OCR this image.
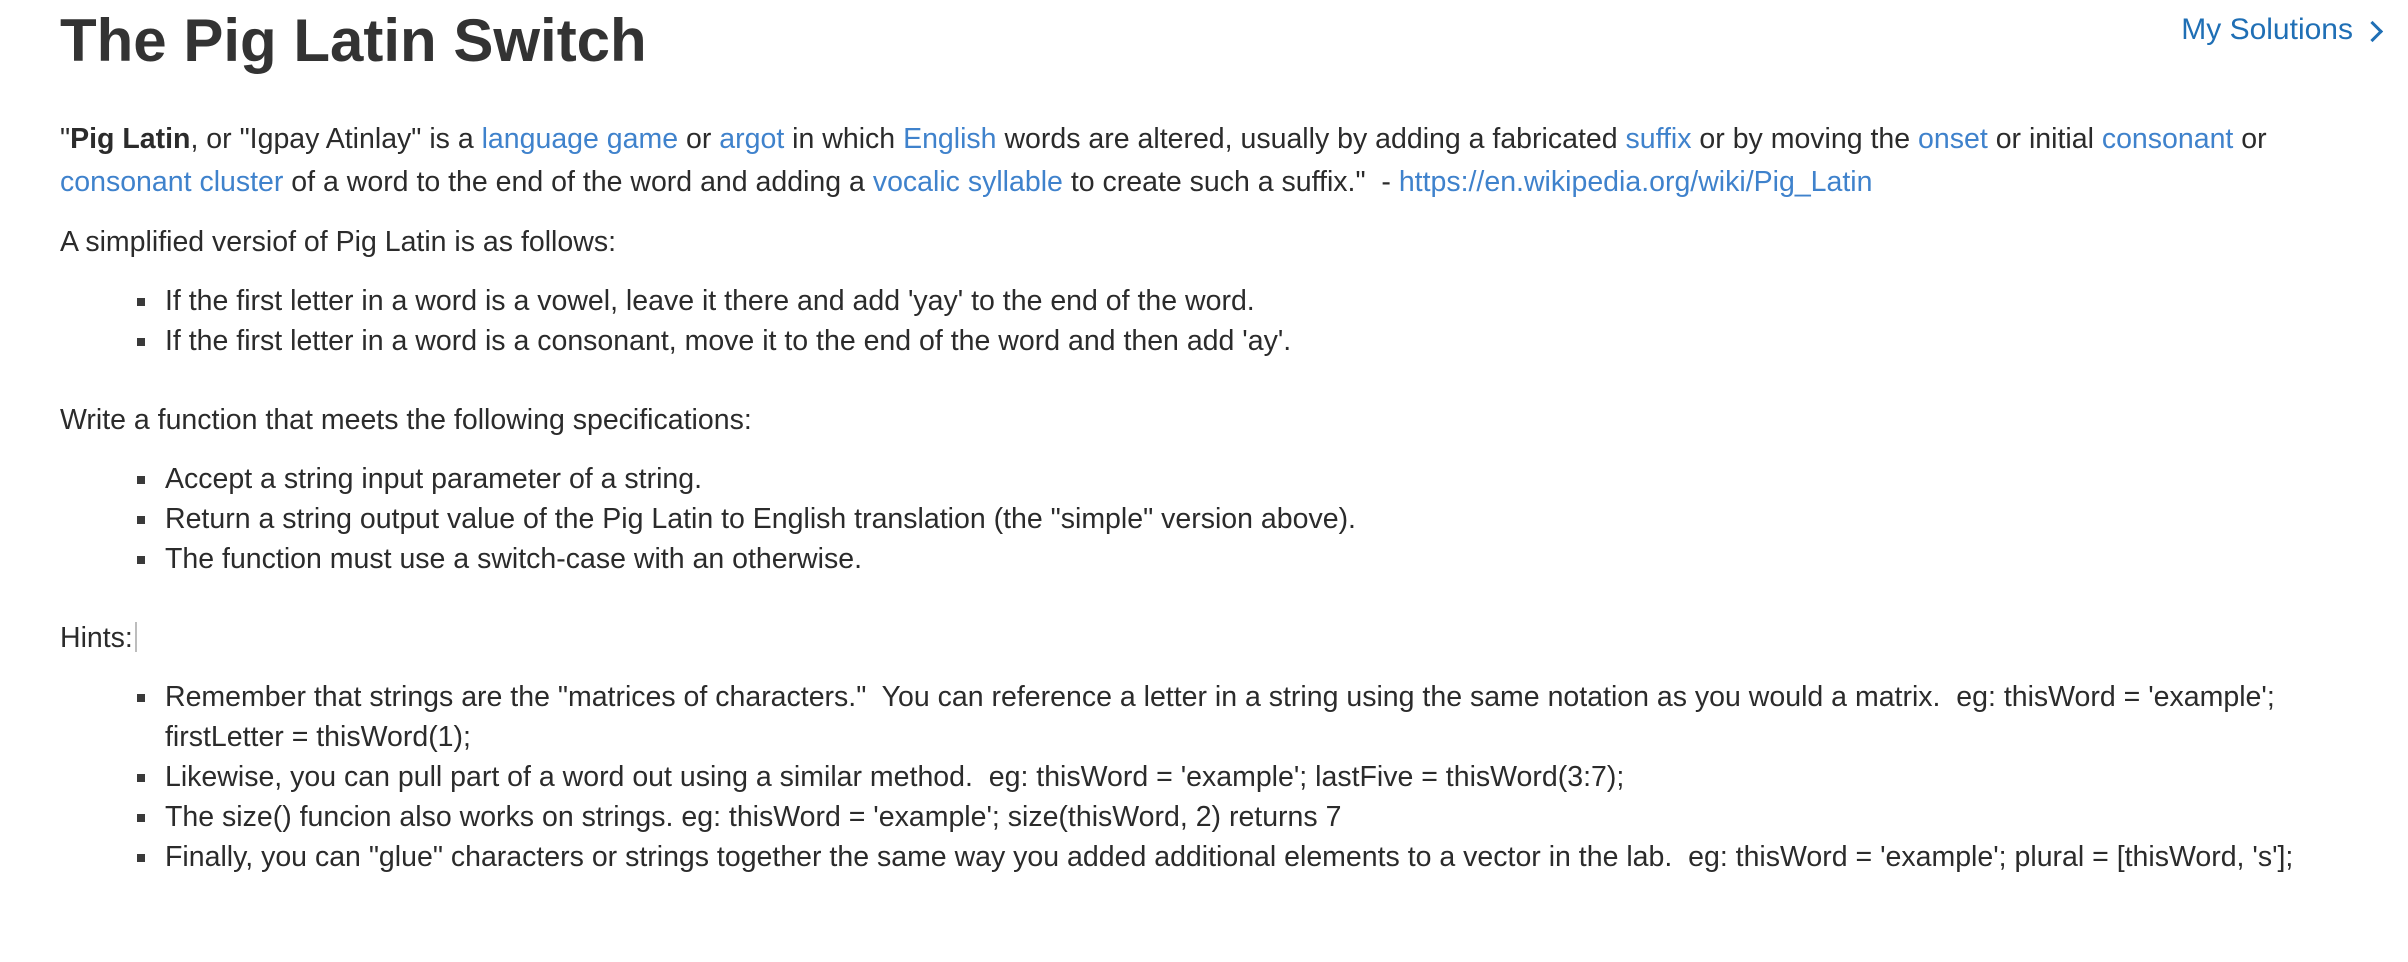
The Pig Latin Switch	My Solutions

"Pig Latin, or "Igpay Atinlay" is a language game or argot in which English words are altered, usually by adding a fabricated suffix or by moving the onset or initial consonant or
consonant cluster of a word to the end of the word and adding a vocalic syllable to create such a suffix."  - https://en.wikipedia.org/wiki/Pig_Latin

A simplified versiof of Pig Latin is as follows:

If the first letter in a word is a vowel, leave it there and add 'yay' to the end of the word.
If the first letter in a word is a consonant, move it to the end of the word and then add 'ay'.

Write a function that meets the following specifications:

Accept a string input parameter of a string.
Return a string output value of the Pig Latin to English translation (the "simple" version above).
The function must use a switch-case with an otherwise.

Hints:

Remember that strings are the "matrices of characters."  You can reference a letter in a string using the same notation as you would a matrix.  eg: thisWord = 'example'; firstLetter = thisWord(1);
Likewise, you can pull part of a word out using a similar method.  eg: thisWord = 'example'; lastFive = thisWord(3:7);
The size() funcion also works on strings. eg: thisWord = 'example'; size(thisWord, 2) returns 7
Finally, you can "glue" characters or strings together the same way you added additional elements to a vector in the lab.  eg: thisWord = 'example'; plural = [thisWord, 's'];
